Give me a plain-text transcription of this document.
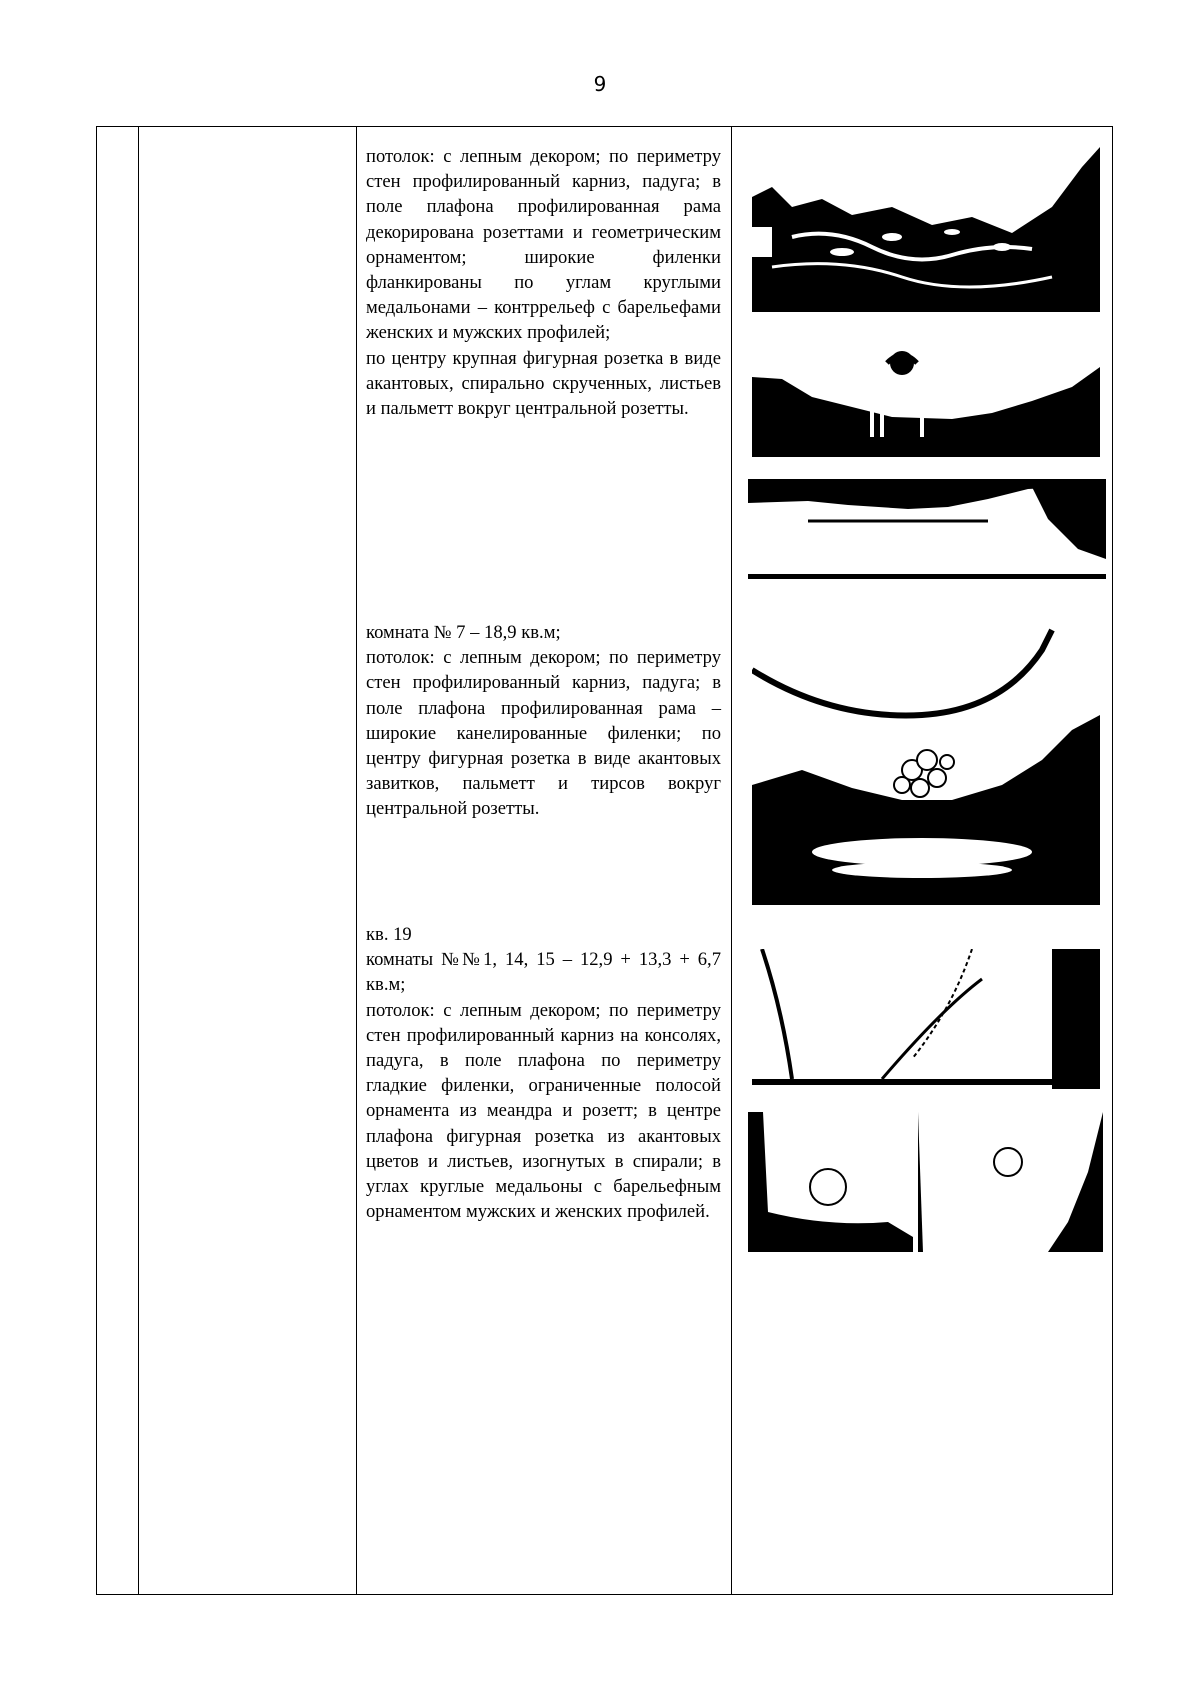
9

потолок: с лепным декором; по периметру стен профилированный карниз, падуга; в поле плафона профилированная рама декорирована розеттами и геометрическим орнаментом; широкие филенки фланкированы по углам круглыми медальонами – контррельеф с барельефами женских и мужских профилей;

по центру крупная фигурная розетка в виде акантовых, спирально скрученных, листьев и пальметт вокруг центральной розетты.

комната № 7 – 18,9 кв.м;

потолок: с лепным декором; по периметру стен профилированный карниз, падуга; в поле плафона профилированная рама – широкие канелированные филенки; по центру фигурная розетка в виде акантовых завитков, пальметт и тирсов вокруг центральной розетты.

кв. 19

комнаты №№1, 14, 15 – 12,9 + 13,3 + 6,7 кв.м;

потолок: с лепным декором; по периметру стен профилированный карниз на консолях, падуга, в поле плафона по периметру гладкие филенки, ограниченные полосой орнамента из меандра и розетт; в центре плафона фигурная розетка из акантовых цветов и листьев, изогнутых в спирали; в углах круглые медальоны с барельефным орнаментом мужских и женских профилей.
